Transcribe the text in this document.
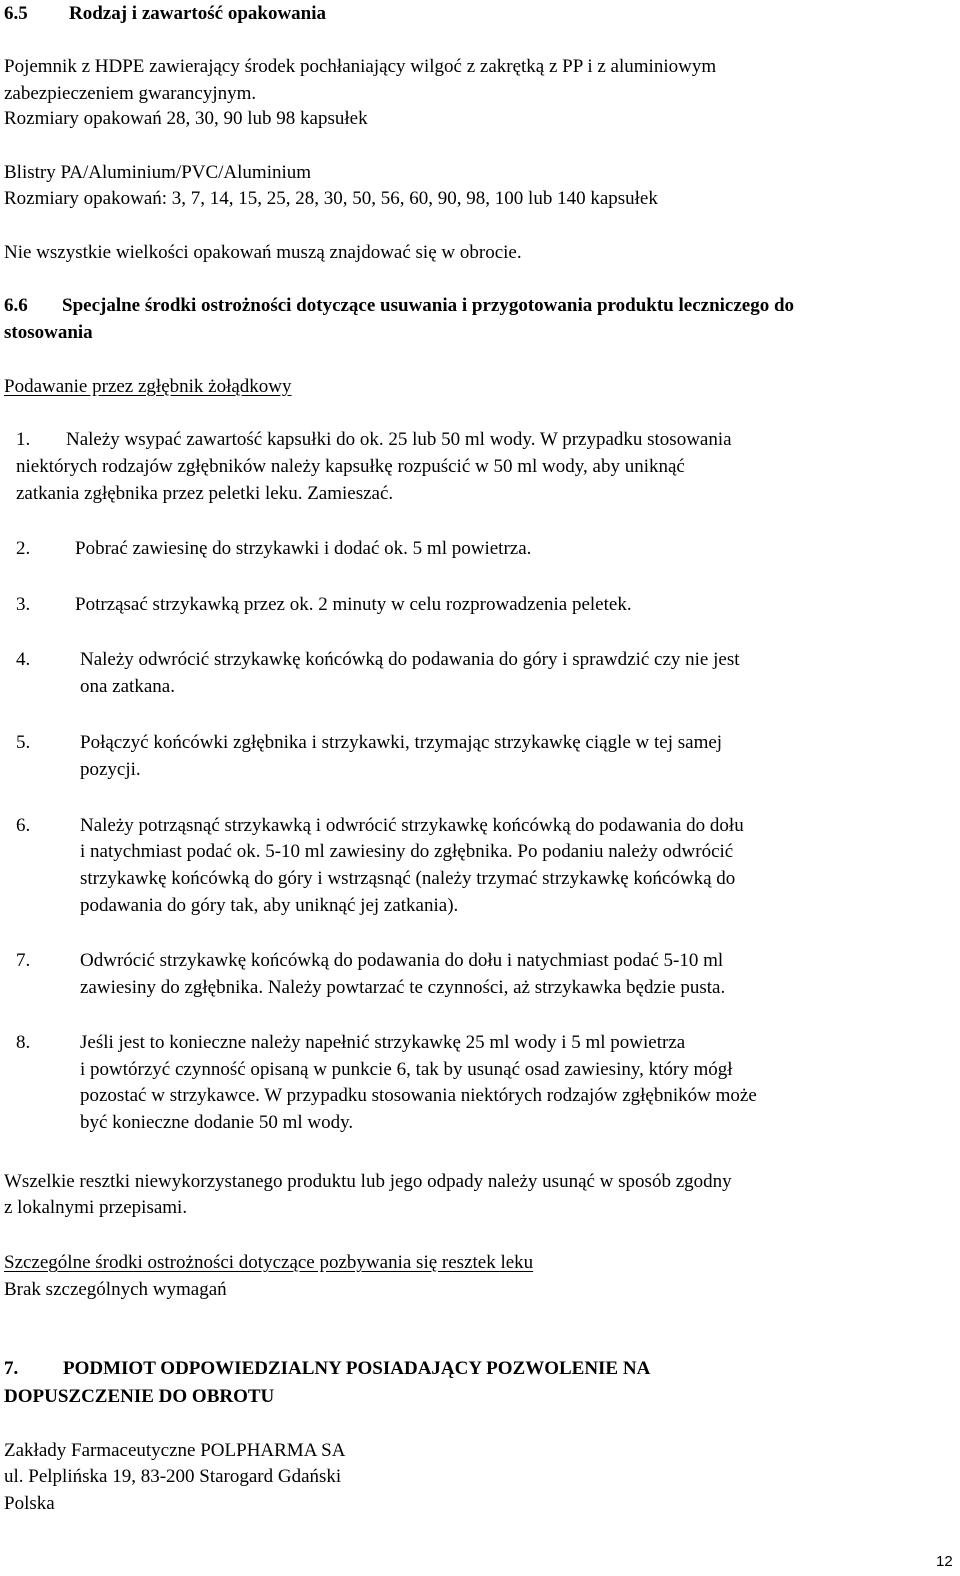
6.5 Rodzaj i zawartość opakowania
Pojemnik z HDPE zawierający środek pochłaniający wilgoć z zakrętką z PP i z aluminiowym
zabezpieczeniem gwarancyjnym.
Rozmiary opakowań 28, 30, 90 lub 98 kapsułek
Blistry PA/Aluminium/PVC/Aluminium
Rozmiary opakowań: 3, 7, 14, 15, 25, 28, 30, 50, 56, 60, 90, 98, 100 lub 140 kapsułek
Nie wszystkie wielkości opakowań muszą znajdować się w obrocie.
6.6 Specjalne środki ostrożności dotyczące usuwania i przygotowania produktu leczniczego do
stosowania
Podawanie przez zgłębnik żołądkowy
1. Należy wsypać zawartość kapsułki do ok. 25 lub 50 ml wody. W przypadku stosowania
niektórych rodzajów zgłębników należy kapsułkę rozpuścić w 50 ml wody, aby uniknąć
zatkania zgłębnika przez peletki leku. Zamieszać.
2. Pobrać zawiesinę do strzykawki i dodać ok. 5 ml powietrza.
3. Potrząsać strzykawką przez ok. 2 minuty w celu rozprowadzenia peletek.
4.	Należy odwrócić strzykawkę końcówką do podawania do góry i sprawdzić czy nie jest
ona zatkana.
5.	Połączyć końcówki zgłębnika i strzykawki, trzymając strzykawkę ciągle w tej samej
pozycji.
6.	Należy potrząsnąć strzykawką i odwrócić strzykawkę końcówką do podawania do dołu
i natychmiast podać ok. 5-10 ml zawiesiny do zgłębnika. Po podaniu należy odwrócić
strzykawkę końcówką do góry i wstrząsnąć (należy trzymać strzykawkę końcówką do
podawania do góry tak, aby uniknąć jej zatkania).
7.	Odwrócić strzykawkę końcówką do podawania do dołu i natychmiast podać 5-10 ml
zawiesiny do zgłębnika. Należy powtarzać te czynności, aż strzykawka będzie pusta.
8.	Jeśli jest to konieczne należy napełnić strzykawkę 25 ml wody i 5 ml powietrza
i powtórzyć czynność opisaną w punkcie 6, tak by usunąć osad zawiesiny, który mógł
pozostać w strzykawce. W przypadku stosowania niektórych rodzajów zgłębników może
być konieczne dodanie 50 ml wody.
Wszelkie resztki niewykorzystanego produktu lub jego odpady należy usunąć w sposób zgodny
z lokalnymi przepisami.
Szczególne środki ostrożności dotyczące pozbywania się resztek leku
Brak szczególnych wymagań
7. PODMIOT ODPOWIEDZIALNY POSIADAJĄCY POZWOLENIE NA
DOPUSZCZENIE DO OBROTU
Zakłady Farmaceutyczne POLPHARMA SA
ul. Pelplińska 19, 83-200 Starogard Gdański
Polska
12
